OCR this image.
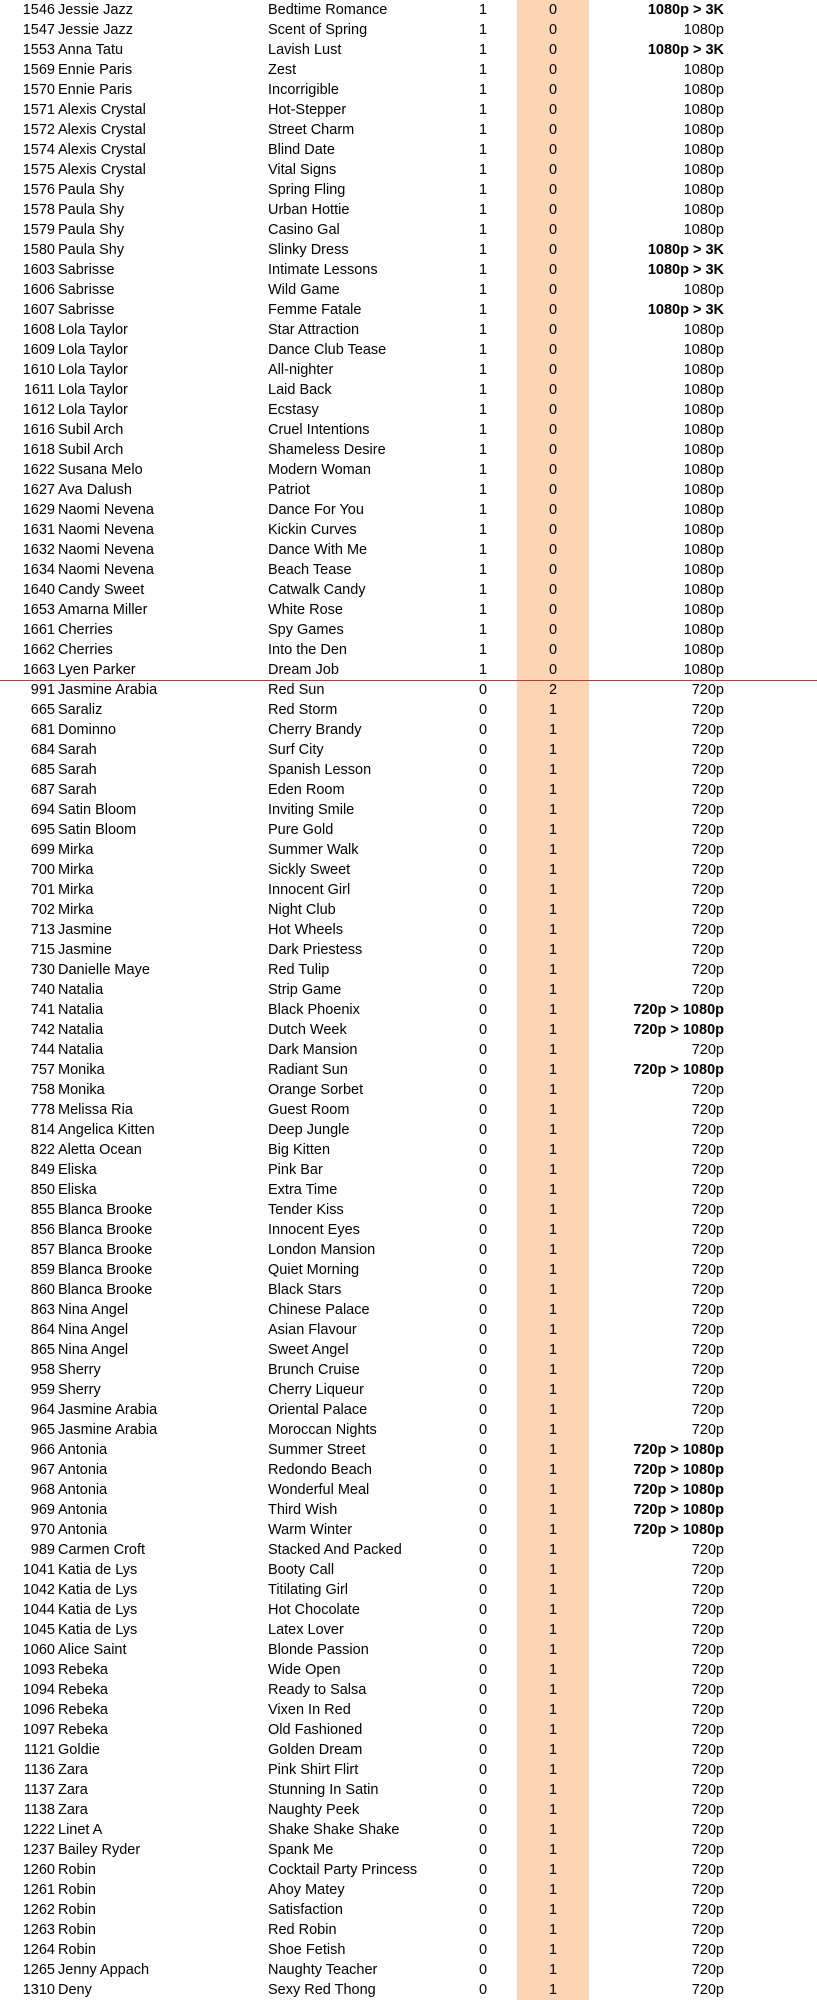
1546 Jessie Jazz	Bedtime Romance	1	0	1080p > 3K
1547 Jessie Jazz	Scent of Spring	1	0	1080p
1553 Anna Tatu	Lavish Lust	1	0	1080p > 3K
1569 Ennie Paris	Zest	1	0	1080p
1570 Ennie Paris	Incorrigible	1	0	1080p
1571 Alexis Crystal	Hot-Stepper	1	0	1080p
1572 Alexis Crystal	Street Charm	1	0	1080p
1574 Alexis Crystal	Blind Date	1	0	1080p
1575 Alexis Crystal	Vital Signs	1	0	1080p
1576 Paula Shy	Spring Fling	1	0	1080p
1578 Paula Shy	Urban Hottie	1	0	1080p
1579 Paula Shy	Casino Gal	1	0	1080p
1580 Paula Shy	Slinky Dress	1	0	1080p > 3K
1603 Sabrisse	Intimate Lessons	1	0	1080p > 3K
1606 Sabrisse	Wild Game	1	0	1080p
1607 Sabrisse	Femme Fatale	1	0	1080p > 3K
1608 Lola Taylor	Star Attraction	1	0	1080p
1609 Lola Taylor	Dance Club Tease	1	0	1080p
1610 Lola Taylor	All-nighter	1	0	1080p
1611 Lola Taylor	Laid Back	1	0	1080p
1612 Lola Taylor	Ecstasy	1	0	1080p
1616 Subil Arch	Cruel Intentions	1	0	1080p
1618 Subil Arch	Shameless Desire	1	0	1080p
1622 Susana Melo	Modern Woman	1	0	1080p
1627 Ava Dalush	Patriot	1	0	1080p
1629 Naomi Nevena	Dance For You	1	0	1080p
1631 Naomi Nevena	Kickin Curves	1	0	1080p
1632 Naomi Nevena	Dance With Me	1	0	1080p
1634 Naomi Nevena	Beach Tease	1	0	1080p
1640 Candy Sweet	Catwalk Candy	1	0	1080p
1653 Amarna Miller	White Rose	1	0	1080p
1661 Cherries	Spy Games	1	0	1080p
1662 Cherries	Into the Den	1	0	1080p
1663 Lyen Parker	Dream Job	1	0	1080p
991 Jasmine Arabia	Red Sun	0	2	720p
665 Saraliz	Red Storm	0	1	720p
681 Dominno	Cherry Brandy	0	1	720p
684 Sarah	Surf City	0	1	720p
685 Sarah	Spanish Lesson	0	1	720p
687 Sarah	Eden Room	0	1	720p
694 Satin Bloom	Inviting Smile	0	1	720p
695 Satin Bloom	Pure Gold	0	1	720p
699 Mirka	Summer Walk	0	1	720p
700 Mirka	Sickly Sweet	0	1	720p
701 Mirka	Innocent Girl	0	1	720p
702 Mirka	Night Club	0	1	720p
713 Jasmine	Hot Wheels	0	1	720p
715 Jasmine	Dark Priestess	0	1	720p
730 Danielle Maye	Red Tulip	0	1	720p
740 Natalia	Strip Game	0	1	720p
741 Natalia	Black Phoenix	0	1	720p > 1080p
742 Natalia	Dutch Week	0	1	720p > 1080p
744 Natalia	Dark Mansion	0	1	720p
757 Monika	Radiant Sun	0	1	720p > 1080p
758 Monika	Orange Sorbet	0	1	720p
778 Melissa Ria	Guest Room	0	1	720p
814 Angelica Kitten	Deep Jungle	0	1	720p
822 Aletta Ocean	Big Kitten	0	1	720p
849 Eliska	Pink Bar	0	1	720p
850 Eliska	Extra Time	0	1	720p
855 Blanca Brooke	Tender Kiss	0	1	720p
856 Blanca Brooke	Innocent Eyes	0	1	720p
857 Blanca Brooke	London Mansion	0	1	720p
859 Blanca Brooke	Quiet Morning	0	1	720p
860 Blanca Brooke	Black Stars	0	1	720p
863 Nina Angel	Chinese Palace	0	1	720p
864 Nina Angel	Asian Flavour	0	1	720p
865 Nina Angel	Sweet Angel	0	1	720p
958 Sherry	Brunch Cruise	0	1	720p
959 Sherry	Cherry Liqueur	0	1	720p
964 Jasmine Arabia	Oriental Palace	0	1	720p
965 Jasmine Arabia	Moroccan Nights	0	1	720p
966 Antonia	Summer Street	0	1	720p > 1080p
967 Antonia	Redondo Beach	0	1	720p > 1080p
968 Antonia	Wonderful Meal	0	1	720p > 1080p
969 Antonia	Third Wish	0	1	720p > 1080p
970 Antonia	Warm Winter	0	1	720p > 1080p
989 Carmen Croft	Stacked And Packed	0	1	720p
1041 Katia de Lys	Booty Call	0	1	720p
1042 Katia de Lys	Titilating Girl	0	1	720p
1044 Katia de Lys	Hot Chocolate	0	1	720p
1045 Katia de Lys	Latex Lover	0	1	720p
1060 Alice Saint	Blonde Passion	0	1	720p
1093 Rebeka	Wide Open	0	1	720p
1094 Rebeka	Ready to Salsa	0	1	720p
1096 Rebeka	Vixen In Red	0	1	720p
1097 Rebeka	Old Fashioned	0	1	720p
1121 Goldie	Golden Dream	0	1	720p
1136 Zara	Pink Shirt Flirt	0	1	720p
1137 Zara	Stunning In Satin	0	1	720p
1138 Zara	Naughty Peek	0	1	720p
1222 Linet A	Shake Shake Shake	0	1	720p
1237 Bailey Ryder	Spank Me	0	1	720p
1260 Robin	Cocktail Party Princess	0	1	720p
1261 Robin	Ahoy Matey	0	1	720p
1262 Robin	Satisfaction	0	1	720p
1263 Robin	Red Robin	0	1	720p
1264 Robin	Shoe Fetish	0	1	720p
1265 Jenny Appach	Naughty Teacher	0	1	720p
1310 Deny	Sexy Red Thong	0	1	720p
